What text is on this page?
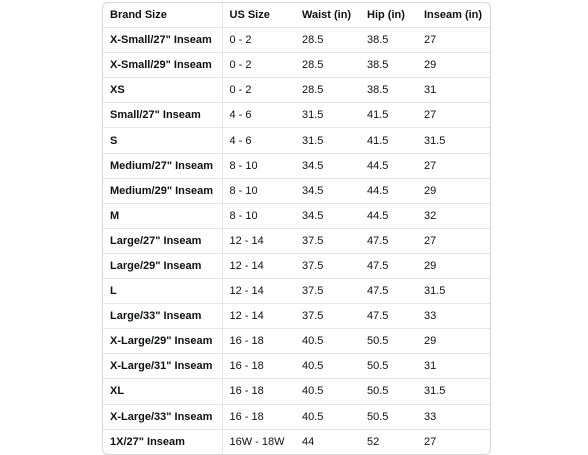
Brand Size	US Size	Waist (in)	Hip (in)	Inseam (in)
X-Small/27" Inseam	0 - 2	28.5	38.5	27
X-Small/29" Inseam	0 - 2	28.5	38.5	29
XS	0 - 2	28.5	38.5	31
Small/27" Inseam	4 - 6	31.5	41.5	27
S	4 - 6	31.5	41.5	31.5
Medium/27" Inseam	8 - 10	34.5	44.5	27
Medium/29" Inseam	8 - 10	34.5	44.5	29
M	8 - 10	34.5	44.5	32
Large/27" Inseam	12 - 14	37.5	47.5	27
Large/29" Inseam	12 - 14	37.5	47.5	29
L	12 - 14	37.5	47.5	31.5
Large/33" Inseam	12 - 14	37.5	47.5	33
X-Large/29" Inseam	16 - 18	40.5	50.5	29
X-Large/31" Inseam	16 - 18	40.5	50.5	31
XL	16 - 18	40.5	50.5	31.5
X-Large/33" Inseam	16 - 18	40.5	50.5	33
1X/27" Inseam	16W - 18W	44	52	27
